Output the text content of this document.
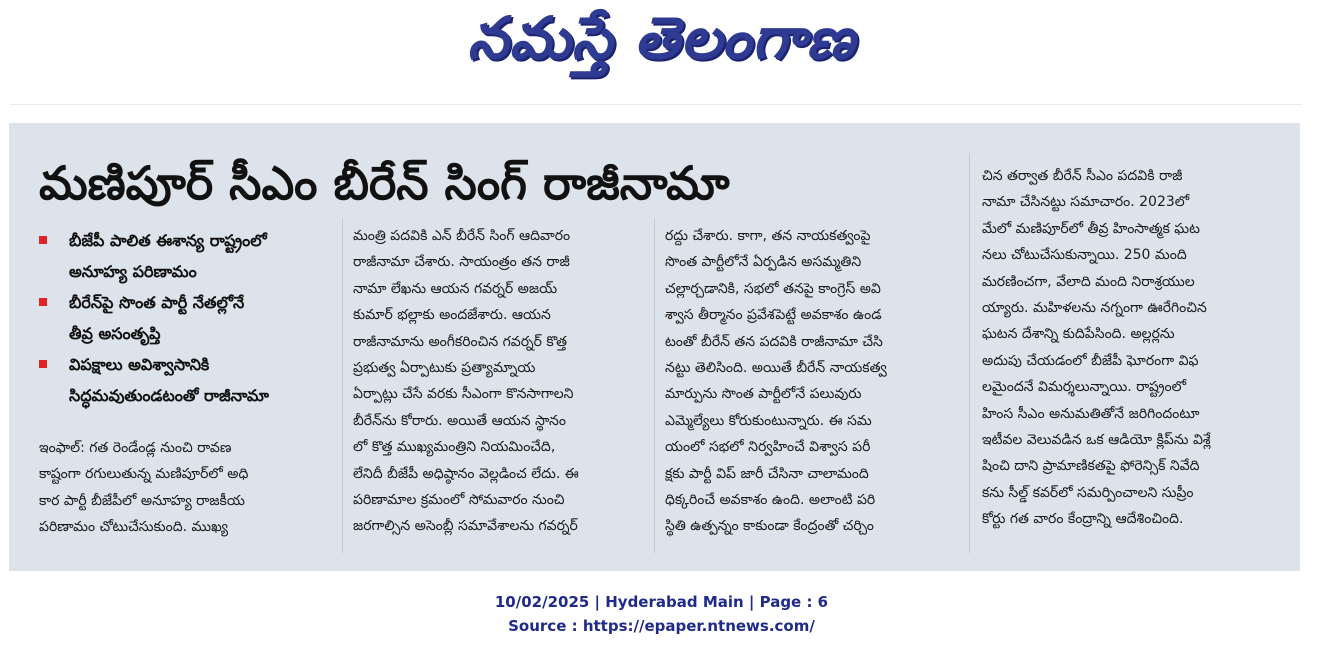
నమస్తే తెలంగాణ
మణిపూర్ సీఎం బీరేన్ సింగ్ రాజీనామా
బీజేపీ పాలిత ఈశాన్య రాష్ట్రంలో
అనూహ్య పరిణామం
బీరేన్‌పై సొంత పార్టీ నేతల్లోనే
తీవ్ర అసంతృప్తి
విపక్షాలు అవిశ్వాసానికి
సిద్ధమవుతుండటంతో రాజీనామా
ఇంఫాల్: గత రెండేండ్ల నుంచి రావణ
కాష్టంగా రగులుతున్న మణిపూర్‌లో అధి
కార పార్టీ బీజేపీలో అనూహ్య రాజకీయ
పరిణామం చోటుచేసుకుంది. ముఖ్య
మంత్రి పదవికి ఎన్ బీరేన్ సింగ్ ఆదివారం
రాజీనామా చేశారు. సాయంత్రం తన రాజీ
నామా లేఖను ఆయన గవర్నర్ అజయ్
కుమార్ భల్లాకు అందజేశారు. ఆయన
రాజీనామాను అంగీకరించిన గవర్నర్ కొత్త
ప్రభుత్వ ఏర్పాటుకు ప్రత్యామ్నాయ
ఏర్పాట్లు చేసే వరకు సీఎంగా కొనసాగాలని
బీరేన్‌ను కోరారు. అయితే ఆయన స్థానం
లో కొత్త ముఖ్యమంత్రిని నియమించేది,
లేనిదీ బీజేపీ అధిష్ఠానం వెల్లడించ లేదు. ఈ
పరిణామాల క్రమంలో సోమవారం నుంచి
జరగాల్సిన అసెంబ్లీ సమావేశాలను గవర్నర్
రద్దు చేశారు. కాగా, తన నాయకత్వంపై
సొంత పార్టీలోనే ఏర్పడిన అసమ్మతిని
చల్లార్చడానికి, సభలో తనపై కాంగ్రెస్ అవి
శ్వాస తీర్మానం ప్రవేశపెట్టే అవకాశం ఉండ
టంతో బీరేన్ తన పదవికి రాజీనామా చేసి
నట్టు తెలిసింది. అయితే బీరేన్ నాయకత్వ
మార్పును సొంత పార్టీలోనే పలువురు
ఎమ్మెల్యేలు కోరుకుంటున్నారు. ఈ సమ
యంలో సభలో నిర్వహించే విశ్వాస పరీ
క్షకు పార్టీ విప్ జారీ చేసినా చాలామంది
ధిక్కరించే అవకాశం ఉంది. అలాంటి పరి
స్థితి ఉత్పన్నం కాకుండా కేంద్రంతో చర్చిం
చిన తర్వాత బీరేన్ సీఎం పదవికి రాజీ
నామా చేసినట్టు సమాచారం. 2023లో
మేలో మణిపూర్‌లో తీవ్ర హింసాత్మక ఘట
నలు చోటుచేసుకున్నాయి. 250 మంది
మరణించగా, వేలాది మంది నిరాశ్రయుల
య్యారు. మహిళలను నగ్నంగా ఊరేగించిన
ఘటన దేశాన్ని కుదిపేసింది. అల్లర్లను
అదుపు చేయడంలో బీజేపీ ఘోరంగా విఫ
లమైందనే విమర్శలున్నాయి. రాష్ట్రంలో
హింస సీఎం అనుమతితోనే జరిగిందంటూ
ఇటీవల వెలువడిన ఒక ఆడియో క్లిప్‌ను విశ్లే
షించి దాని ప్రామాణికతపై ఫోరెన్సిక్ నివేది
కను సీల్డ్ కవర్‌లో సమర్పించాలని సుప్రీం
కోర్టు గత వారం కేంద్రాన్ని ఆదేశించింది.
10/02/2025 | Hyderabad Main | Page : 6
Source : https://epaper.ntnews.com/
